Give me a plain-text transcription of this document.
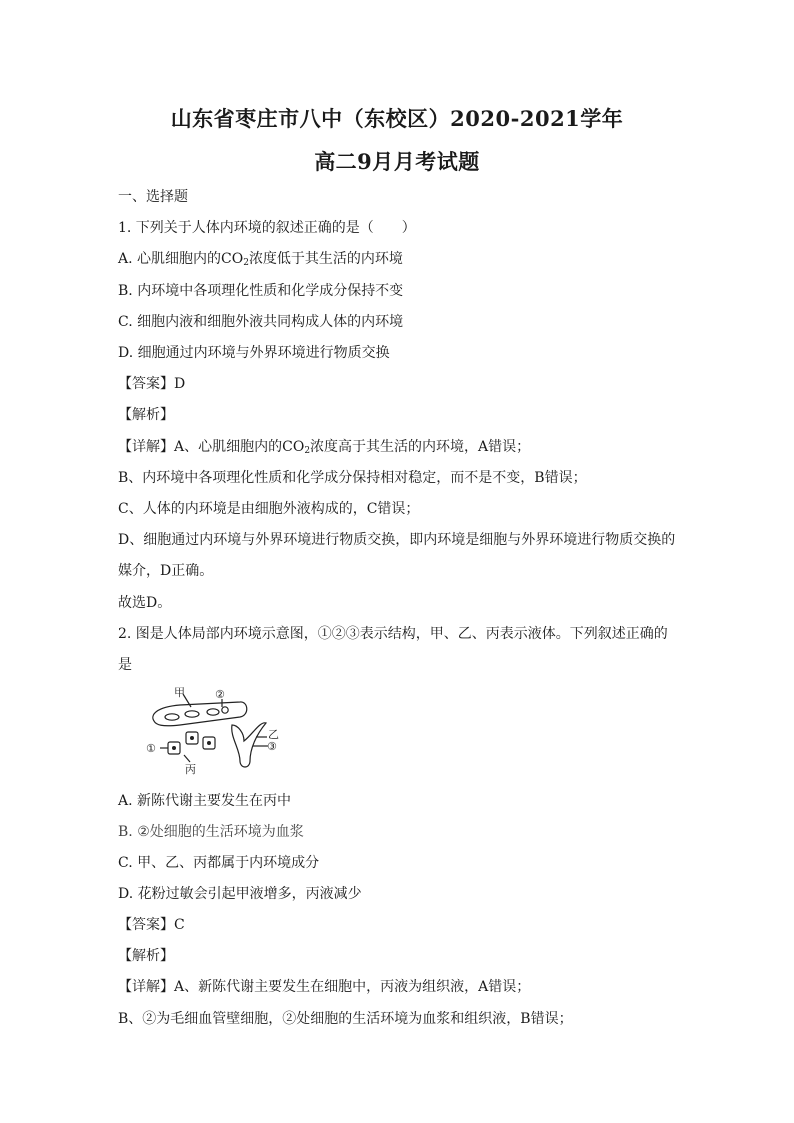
山东省枣庄市八中（东校区）2020-2021学年
高二9月月考试题
一、选择题
1. 下列关于人体内环境的叙述正确的是（　　）
A. 心肌细胞内的$CO_2$浓度低于其生活的内环境
B. 内环境中各项理化性质和化学成分保持不变
C. 细胞内液和细胞外液共同构成人体的内环境
D. 细胞通过内环境与外界环境进行物质交换
【答案】D
【解析】
【详解】A、心肌细胞内的$CO_2$浓度高于其生活的内环境，A错误；
B、内环境中各项理化性质和化学成分保持相对稳定，而不是不变，B错误；
C、人体的内环境是由细胞外液构成的，C错误；
D、细胞通过内环境与外界环境进行物质交换，即内环境是细胞与外界环境进行物质交换的
媒介，D正确。
故选D。
2. 图是人体局部内环境示意图，①②③表示结构，甲、乙、丙表示液体。下列叙述正确的
是
甲	②
乙
①	③
丙
A. 新陈代谢主要发生在丙中
B. ②处细胞的生活环境为血浆
C. 甲、乙、丙都属于内环境成分
D. 花粉过敏会引起甲液增多，丙液减少
【答案】C
【解析】
【详解】A、新陈代谢主要发生在细胞中，丙液为组织液，A错误；
B、②为毛细血管壁细胞，②处细胞的生活环境为血浆和组织液，B错误；
